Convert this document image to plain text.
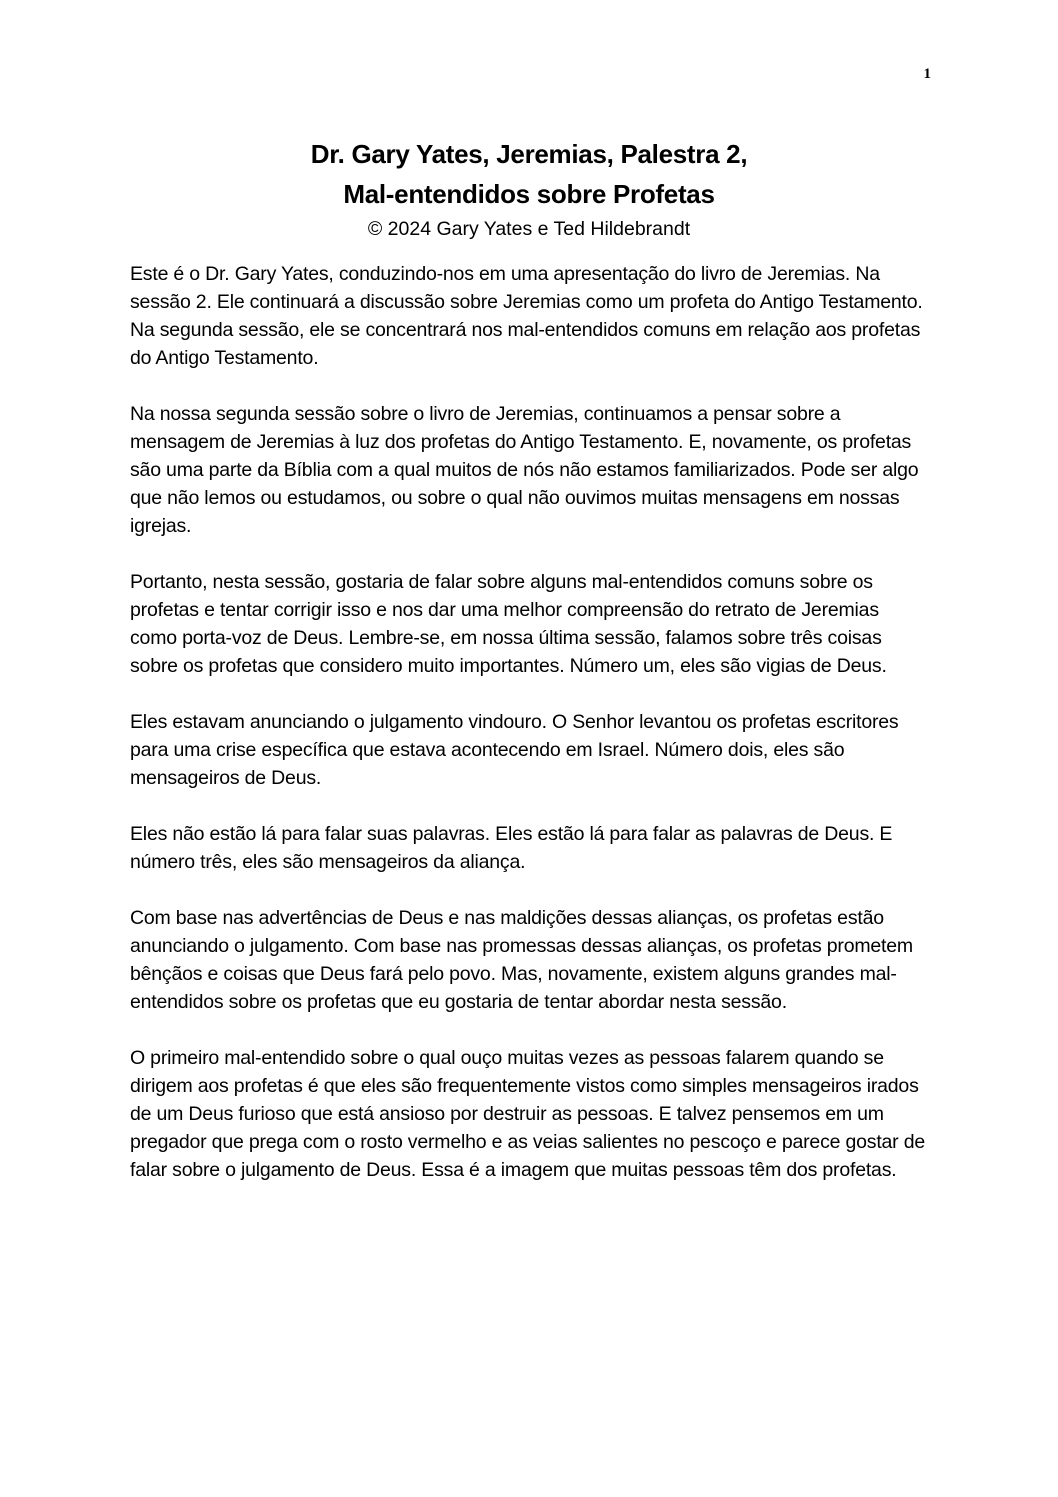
1
Dr. Gary Yates, Jeremias, Palestra 2,
Mal-entendidos sobre Profetas
© 2024 Gary Yates e Ted Hildebrandt

Este é o Dr. Gary Yates, conduzindo-nos em uma apresentação do livro de Jeremias. Na sessão 2. Ele continuará a discussão sobre Jeremias como um profeta do Antigo Testamento. Na segunda sessão, ele se concentrará nos mal-entendidos comuns em relação aos profetas do Antigo Testamento.

Na nossa segunda sessão sobre o livro de Jeremias, continuamos a pensar sobre a mensagem de Jeremias à luz dos profetas do Antigo Testamento. E, novamente, os profetas são uma parte da Bíblia com a qual muitos de nós não estamos familiarizados. Pode ser algo que não lemos ou estudamos, ou sobre o qual não ouvimos muitas mensagens em nossas igrejas.

Portanto, nesta sessão, gostaria de falar sobre alguns mal-entendidos comuns sobre os profetas e tentar corrigir isso e nos dar uma melhor compreensão do retrato de Jeremias como porta-voz de Deus. Lembre-se, em nossa última sessão, falamos sobre três coisas sobre os profetas que considero muito importantes. Número um, eles são vigias de Deus.

Eles estavam anunciando o julgamento vindouro. O Senhor levantou os profetas escritores para uma crise específica que estava acontecendo em Israel. Número dois, eles são mensageiros de Deus.

Eles não estão lá para falar suas palavras. Eles estão lá para falar as palavras de Deus. E número três, eles são mensageiros da aliança.

Com base nas advertências de Deus e nas maldições dessas alianças, os profetas estão anunciando o julgamento. Com base nas promessas dessas alianças, os profetas prometem bênçãos e coisas que Deus fará pelo povo. Mas, novamente, existem alguns grandes mal-entendidos sobre os profetas que eu gostaria de tentar abordar nesta sessão.

O primeiro mal-entendido sobre o qual ouço muitas vezes as pessoas falarem quando se dirigem aos profetas é que eles são frequentemente vistos como simples mensageiros irados de um Deus furioso que está ansioso por destruir as pessoas. E talvez pensemos em um pregador que prega com o rosto vermelho e as veias salientes no pescoço e parece gostar de falar sobre o julgamento de Deus. Essa é a imagem que muitas pessoas têm dos profetas.
